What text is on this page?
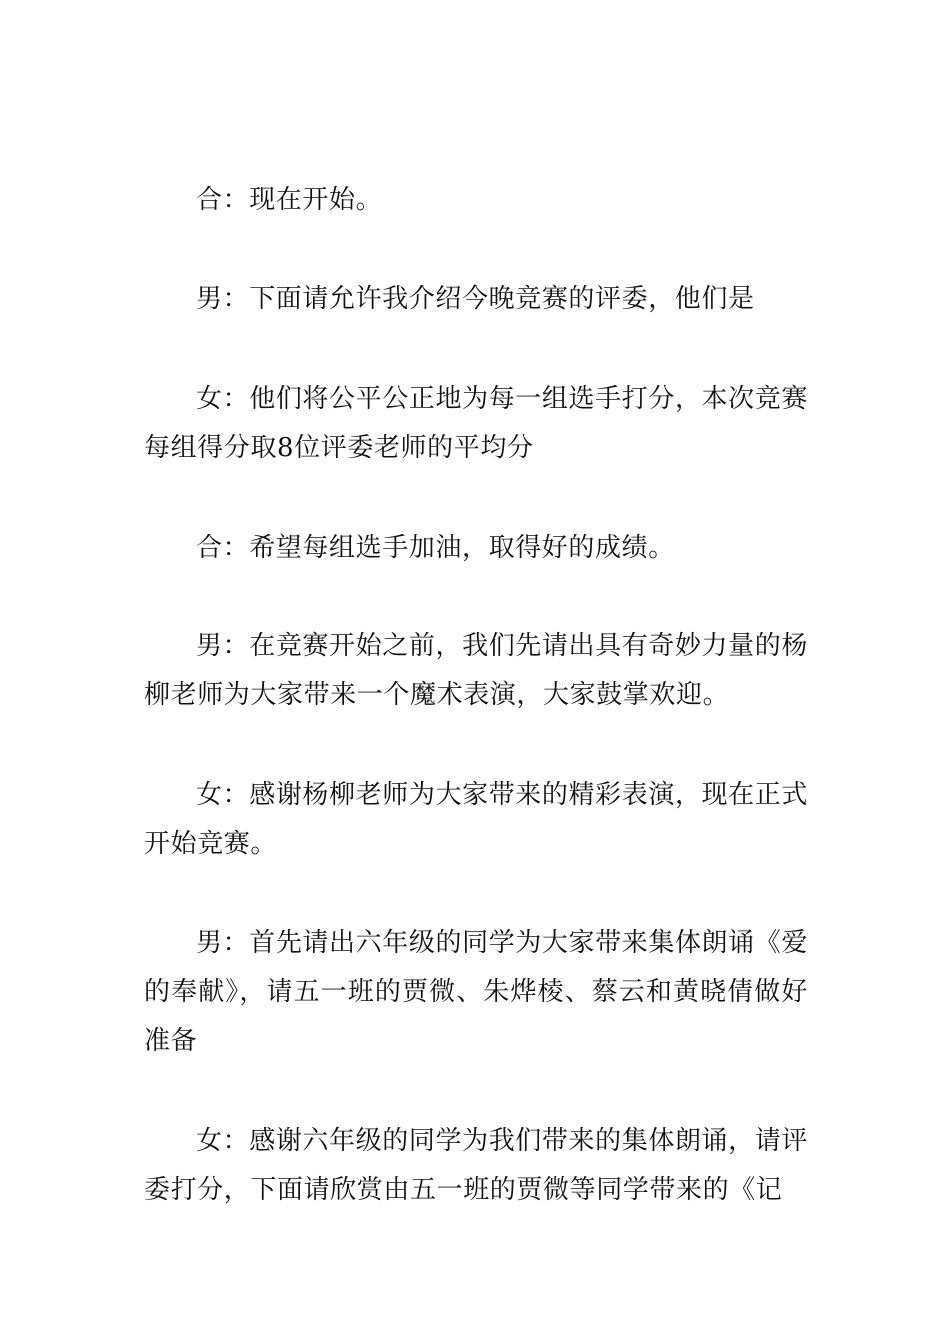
合：现在开始。

男：下面请允许我介绍今晚竞赛的评委，他们是

女：他们将公平公正地为每一组选手打分，本次竞赛每组得分取8位评委老师的平均分

合：希望每组选手加油，取得好的成绩。

男：在竞赛开始之前，我们先请出具有奇妙力量的杨柳老师为大家带来一个魔术表演，大家鼓掌欢迎。

女：感谢杨柳老师为大家带来的精彩表演，现在正式开始竞赛。

男：首先请出六年级的同学为大家带来集体朗诵《爱的奉献》，请五一班的贾微、朱烨棱、蔡云和黄晓倩做好准备

女：感谢六年级的同学为我们带来的集体朗诵，请评委打分，下面请欣赏由五一班的贾微等同学带来的《记
